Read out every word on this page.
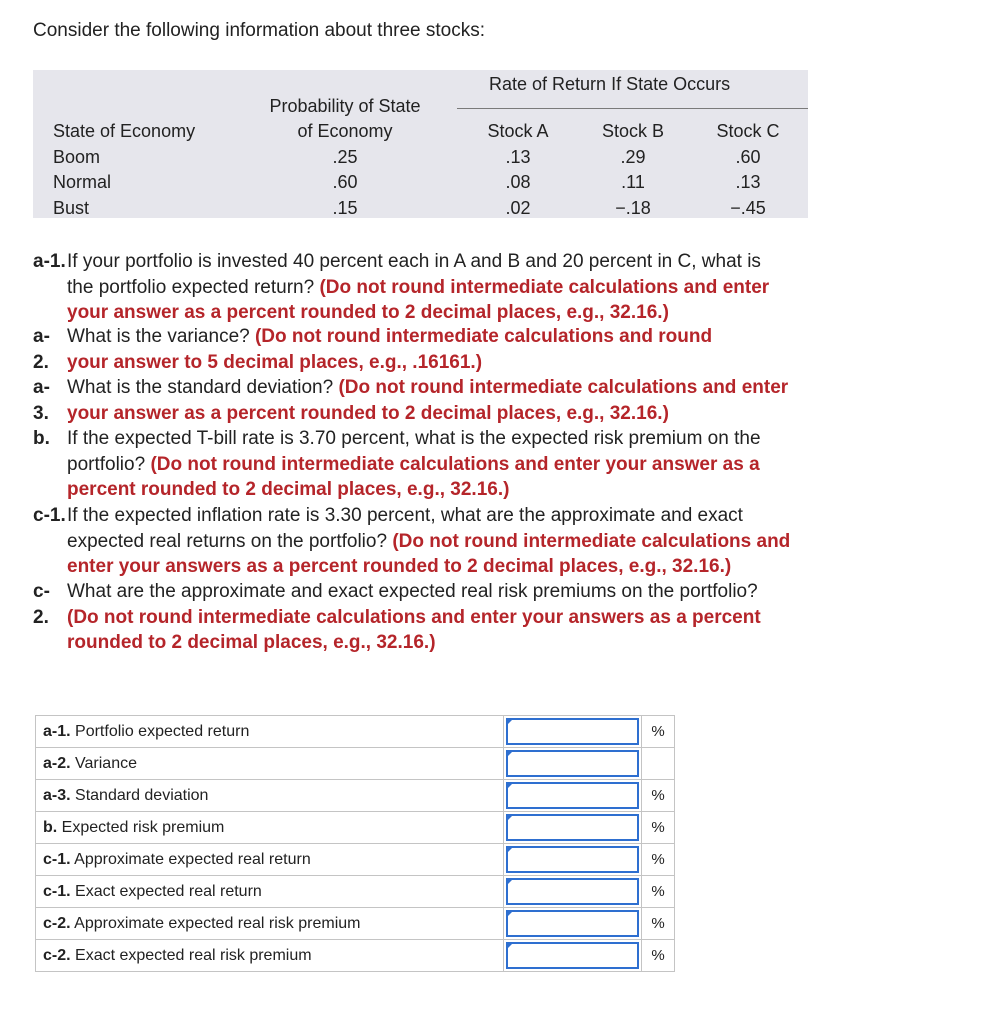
Consider the following information about three stocks:
Rate of Return If State Occurs
Probability of State
of Economy
State of Economy	Stock A	Stock B	Stock C
Boom	.25	.13	.29	.60
Normal	.60	.08	.11	.13
Bust	.15	.02	−.18	−.45
a-1. If your portfolio is invested 40 percent each in A and B and 20 percent in C, what is
the portfolio expected return? (Do not round intermediate calculations and enter
your answer as a percent rounded to 2 decimal places, e.g., 32.16.)
a-
2.
What is the variance? (Do not round intermediate calculations and round
your answer to 5 decimal places, e.g., .16161.)
a-
3.
What is the standard deviation? (Do not round intermediate calculations and enter
your answer as a percent rounded to 2 decimal places, e.g., 32.16.)
b. If the expected T-bill rate is 3.70 percent, what is the expected risk premium on the
portfolio? (Do not round intermediate calculations and enter your answer as a
percent rounded to 2 decimal places, e.g., 32.16.)
c-1. If the expected inflation rate is 3.30 percent, what are the approximate and exact
expected real returns on the portfolio? (Do not round intermediate calculations and
enter your answers as a percent rounded to 2 decimal places, e.g., 32.16.)
c-
2.
What are the approximate and exact expected real risk premiums on the portfolio?
(Do not round intermediate calculations and enter your answers as a percent
rounded to 2 decimal places, e.g., 32.16.)
a-1. Portfolio expected return		%
a-2. Variance	

a-3. Standard deviation		%
b. Expected risk premium		%
c-1. Approximate expected real return		%
c-1. Exact expected real return		%
c-2. Approximate expected real risk premium		%
c-2. Exact expected real risk premium		%
